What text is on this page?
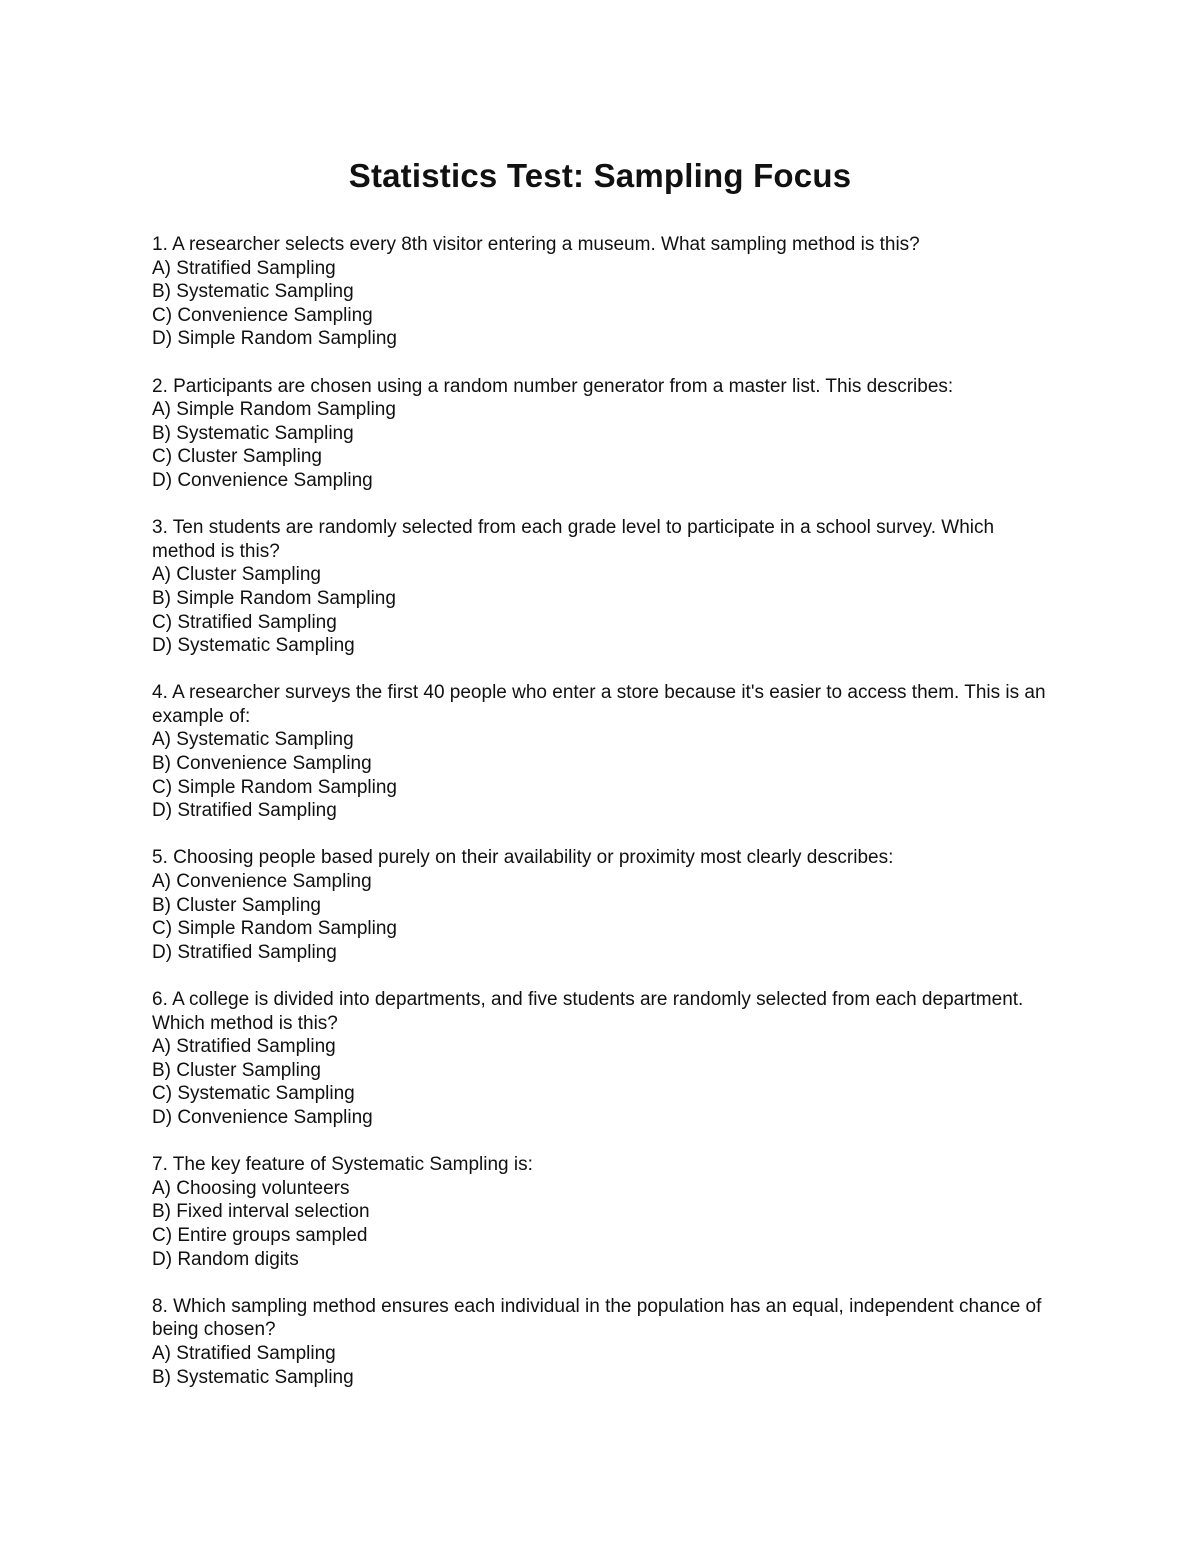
Statistics Test: Sampling Focus

1. A researcher selects every 8th visitor entering a museum. What sampling method is this?

A) Stratified Sampling
B) Systematic Sampling
C) Convenience Sampling
D) Simple Random Sampling

2. Participants are chosen using a random number generator from a master list. This describes:

A) Simple Random Sampling
B) Systematic Sampling
C) Cluster Sampling
D) Convenience Sampling

3. Ten students are randomly selected from each grade level to participate in a school survey. Which method is this?

A) Cluster Sampling
B) Simple Random Sampling
C) Stratified Sampling
D) Systematic Sampling

4. A researcher surveys the first 40 people who enter a store because it's easier to access them. This is an example of:

A) Systematic Sampling
B) Convenience Sampling
C) Simple Random Sampling
D) Stratified Sampling

5. Choosing people based purely on their availability or proximity most clearly describes:

A) Convenience Sampling
B) Cluster Sampling
C) Simple Random Sampling
D) Stratified Sampling

6. A college is divided into departments, and five students are randomly selected from each department. Which method is this?

A) Stratified Sampling
B) Cluster Sampling
C) Systematic Sampling
D) Convenience Sampling

7. The key feature of Systematic Sampling is:

A) Choosing volunteers
B) Fixed interval selection
C) Entire groups sampled
D) Random digits

8. Which sampling method ensures each individual in the population has an equal, independent chance of being chosen?

A) Stratified Sampling
B) Systematic Sampling
